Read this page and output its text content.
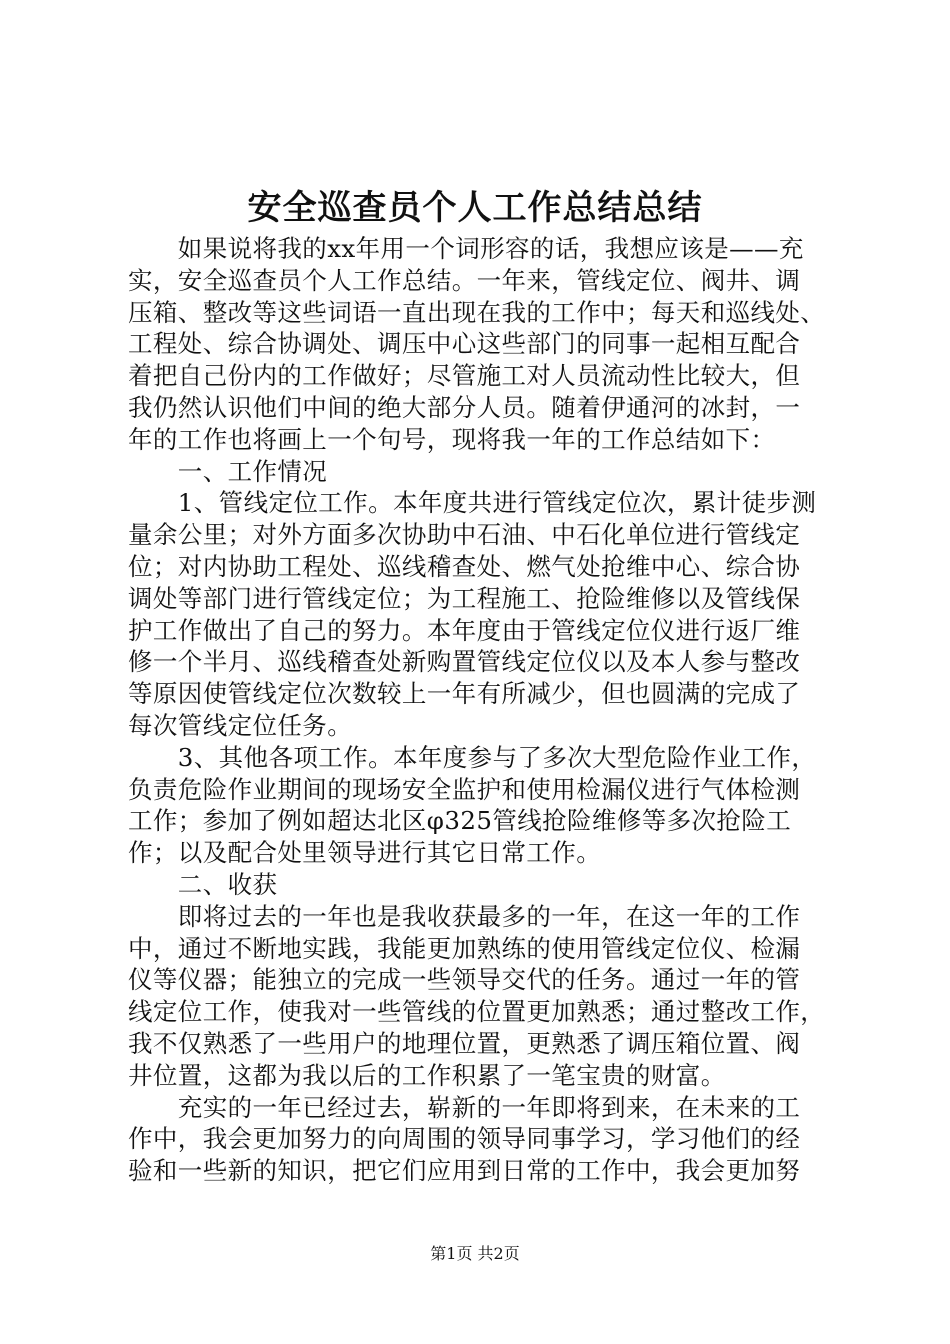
安全巡查员个人工作总结总结
　　如果说将我的xx年用一个词形容的话，我想应该是——充
实，安全巡查员个人工作总结。一年来，管线定位、阀井、调
压箱、整改等这些词语一直出现在我的工作中；每天和巡线处、
工程处、综合协调处、调压中心这些部门的同事一起相互配合
着把自己份内的工作做好；尽管施工对人员流动性比较大，但
我仍然认识他们中间的绝大部分人员。随着伊通河的冰封，一
年的工作也将画上一个句号，现将我一年的工作总结如下：
　　一、工作情况
　　1、管线定位工作。本年度共进行管线定位次，累计徒步测
量余公里；对外方面多次协助中石油、中石化单位进行管线定
位；对内协助工程处、巡线稽查处、燃气处抢维中心、综合协
调处等部门进行管线定位；为工程施工、抢险维修以及管线保
护工作做出了自己的努力。本年度由于管线定位仪进行返厂维
修一个半月、巡线稽查处新购置管线定位仪以及本人参与整改
等原因使管线定位次数较上一年有所减少，但也圆满的完成了
每次管线定位任务。
　　3、其他各项工作。本年度参与了多次大型危险作业工作，
负责危险作业期间的现场安全监护和使用检漏仪进行气体检测
工作；参加了例如超达北区φ325管线抢险维修等多次抢险工
作；以及配合处里领导进行其它日常工作。
　　二、收获
　　即将过去的一年也是我收获最多的一年，在这一年的工作
中，通过不断地实践，我能更加熟练的使用管线定位仪、检漏
仪等仪器；能独立的完成一些领导交代的任务。通过一年的管
线定位工作，使我对一些管线的位置更加熟悉；通过整改工作，
我不仅熟悉了一些用户的地理位置，更熟悉了调压箱位置、阀
井位置，这都为我以后的工作积累了一笔宝贵的财富。
　　充实的一年已经过去，崭新的一年即将到来，在未来的工
作中，我会更加努力的向周围的领导同事学习，学习他们的经
验和一些新的知识，把它们应用到日常的工作中，我会更加努
第1页 共2页
